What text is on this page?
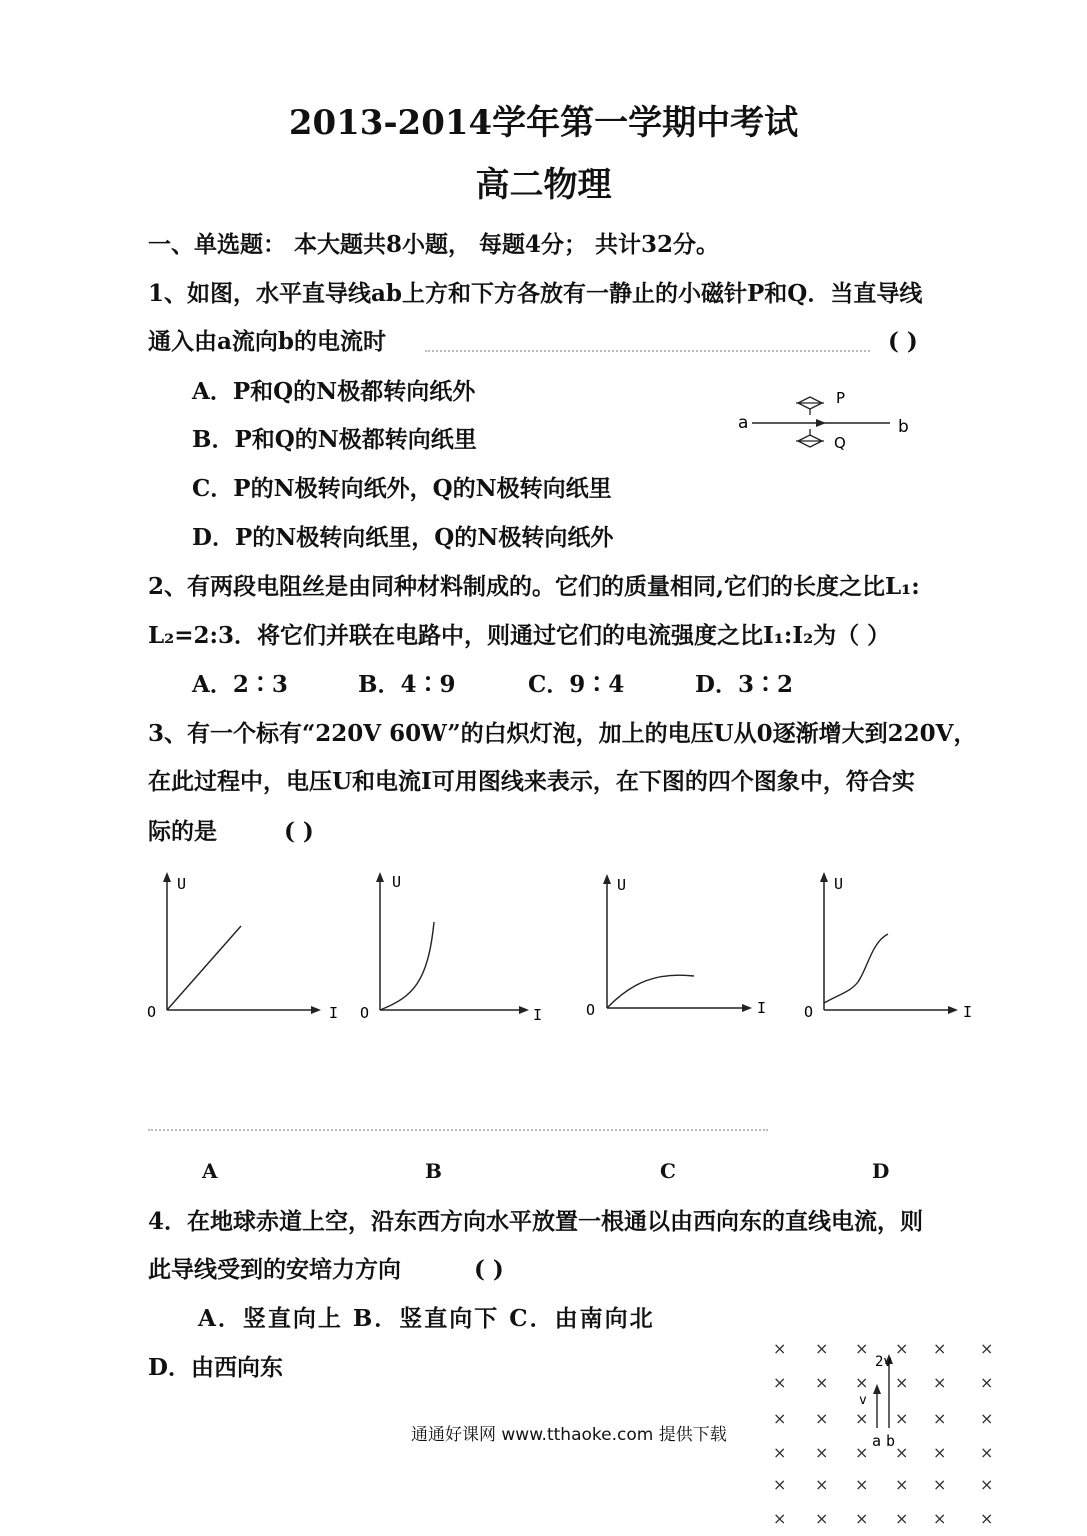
2013-2014学年第一学期中考试
高二物理
一、单选题： 本大题共8小题， 每题4分； 共计32分。
1、如图，水平直导线ab上方和下方各放有一静止的小磁针P和Q．当直导线
通入由a流向b的电流时	( )
A．P和Q的N极都转向纸外
B．P和Q的N极都转向纸里
C．P的N极转向纸外，Q的N极转向纸里
D．P的N极转向纸里，Q的N极转向纸外
a	b
P
Q
2、有两段电阻丝是由同种材料制成的。它们的质量相同,它们的长度之比L₁:
L₂=2:3．将它们并联在电路中，则通过它们的电流强度之比I₁:I₂为（ ）
A．2∶3	B．4∶9	C．9∶4	D．3∶2
3、有一个标有“220V 60W”的白炽灯泡，加上的电压U从0逐渐增大到220V，
在此过程中，电压U和电流I可用图线来表示，在下图的四个图象中，符合实
际的是	( )
U
O	I
U
O	I
U
O	I
U
O	I
A	B	C	D
4．在地球赤道上空，沿东西方向水平放置一根通以由西向东的直线电流，则
此导线受到的安培力方向	( )
A．竖直向上 B．竖直向下 C．由南向北
D．由西向东
× × × × × ×
× × × × × ×
× × × × × ×
× × × × × ×
× × × × × ×
× × × × × ×
2v
v
a b
通通好课网 www.tthaoke.com 提供下载
